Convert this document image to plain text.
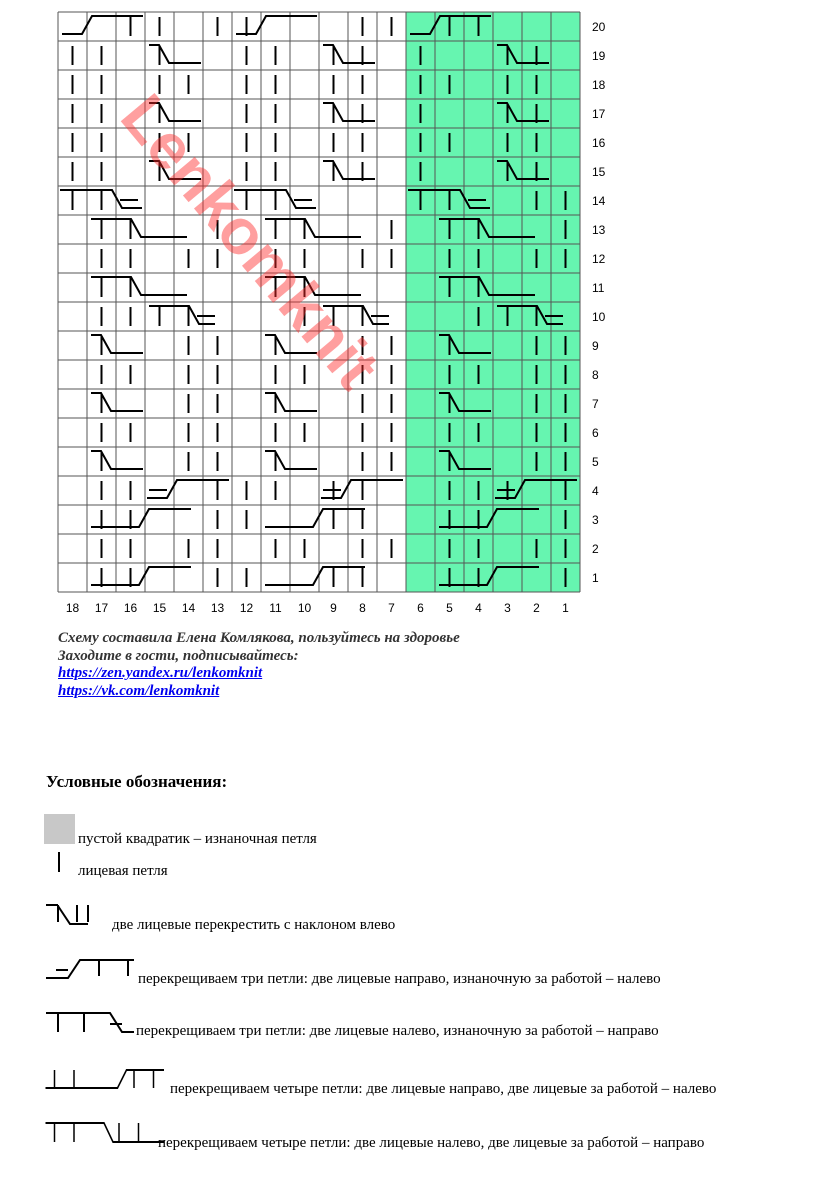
1
2
3
4
5
6
7
8
9
10
11
12
13
14
15
16
17
18
19
20
18 17 16 15 14 13 12 11 10 9 8 7 6 5 4 3 2 1
Lenkomknit
Схему составила Елена Комлякова, пользуйтесь на здоровье
Заходите в гости, подписывайтесь:
https://zen.yandex.ru/lenkomknit
https://vk.com/lenkomknit
Условные обозначения:
пустой квадратик – изнаночная петля
лицевая петля
две лицевые перекрестить с наклоном влево
перекрещиваем три петли: две лицевые направо, изнаночную за работой – налево
перекрещиваем три петли: две лицевые налево, изнаночную за работой – направо
перекрещиваем четыре петли: две лицевые направо, две лицевые за работой – налево
перекрещиваем четыре петли: две лицевые налево, две лицевые за работой – направо
